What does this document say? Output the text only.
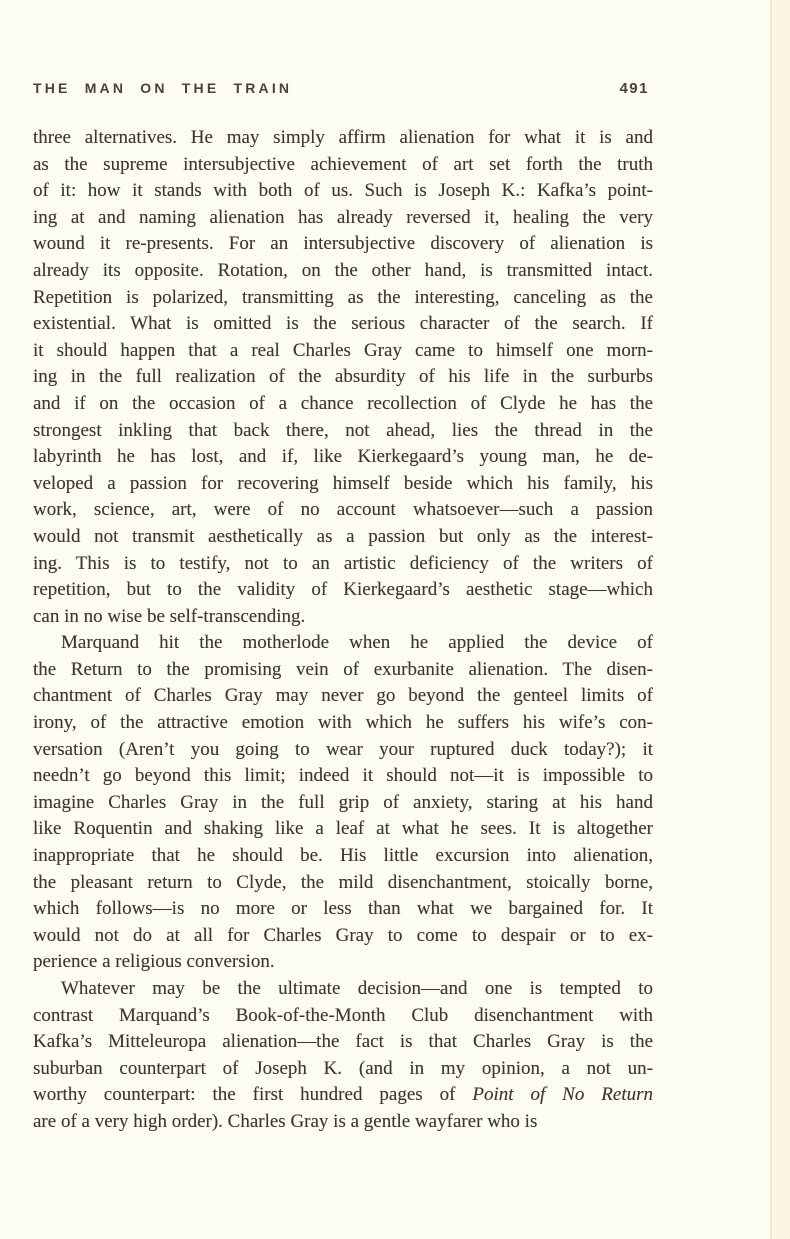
THE MAN ON THE TRAIN	491
three alternatives. He may simply affirm alienation for what it is and
as the supreme intersubjective achievement of art set forth the truth
of it: how it stands with both of us. Such is Joseph K.: Kafka’s point-
ing at and naming alienation has already reversed it, healing the very
wound it re-presents. For an intersubjective discovery of alienation is
already its opposite. Rotation, on the other hand, is transmitted intact.
Repetition is polarized, transmitting as the interesting, canceling as the
existential. What is omitted is the serious character of the search. If
it should happen that a real Charles Gray came to himself one morn-
ing in the full realization of the absurdity of his life in the surburbs
and if on the occasion of a chance recollection of Clyde he has the
strongest inkling that back there, not ahead, lies the thread in the
labyrinth he has lost, and if, like Kierkegaard’s young man, he de-
veloped a passion for recovering himself beside which his family, his
work, science, art, were of no account whatsoever—such a passion
would not transmit aesthetically as a passion but only as the interest-
ing. This is to testify, not to an artistic deficiency of the writers of
repetition, but to the validity of Kierkegaard’s aesthetic stage—which
can in no wise be self-transcending.
Marquand hit the motherlode when he applied the device of
the Return to the promising vein of exurbanite alienation. The disen-
chantment of Charles Gray may never go beyond the genteel limits of
irony, of the attractive emotion with which he suffers his wife’s con-
versation (Aren’t you going to wear your ruptured duck today?); it
needn’t go beyond this limit; indeed it should not—it is impossible to
imagine Charles Gray in the full grip of anxiety, staring at his hand
like Roquentin and shaking like a leaf at what he sees. It is altogether
inappropriate that he should be. His little excursion into alienation,
the pleasant return to Clyde, the mild disenchantment, stoically borne,
which follows—is no more or less than what we bargained for. It
would not do at all for Charles Gray to come to despair or to ex-
perience a religious conversion.
Whatever may be the ultimate decision—and one is tempted to
contrast Marquand’s Book-of-the-Month Club disenchantment with
Kafka’s Mitteleuropa alienation—the fact is that Charles Gray is the
suburban counterpart of Joseph K. (and in my opinion, a not un-
worthy counterpart: the first hundred pages of Point of No Return
are of a very high order). Charles Gray is a gentle wayfarer who is
